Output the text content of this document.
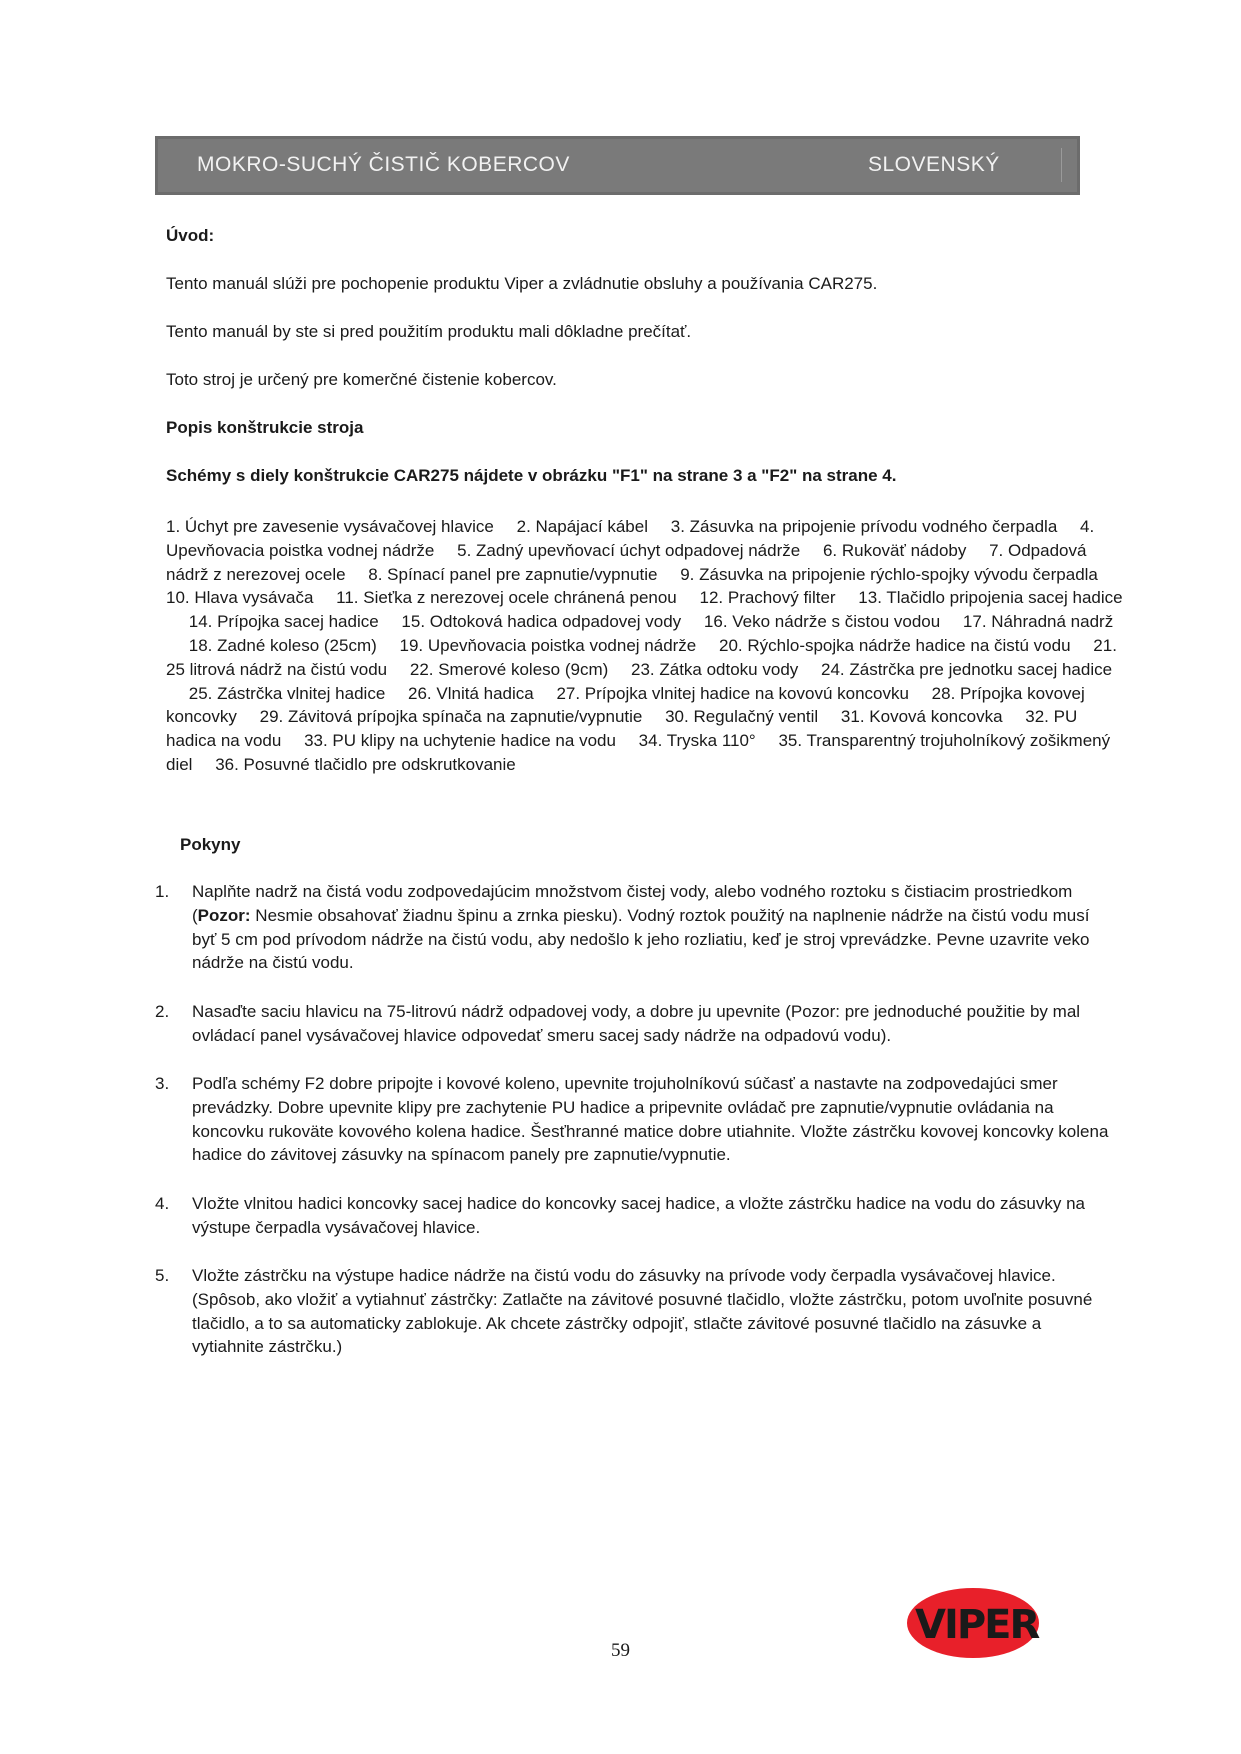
MOKRO-SUCHÝ ČISTIČ KOBERCOV	SLOVENSKÝ
Úvod:
Tento manuál slúži pre pochopenie produktu Viper a zvládnutie obsluhy a používania CAR275.
Tento manuál by ste si pred použitím produktu mali dôkladne prečítať.
Toto stroj je určený pre komerčné čistenie kobercov.
Popis konštrukcie stroja
Schémy s diely konštrukcie CAR275 nájdete v obrázku "F1" na strane 3 a "F2" na strane 4.
1. Úchyt pre zavesenie vysávačovej hlavice 2. Napájací kábel 3. Zásuvka na pripojenie prívodu vodného čerpadla 4. Upevňovacia poistka vodnej nádrže 5. Zadný upevňovací úchyt odpadovej nádrže 6. Rukoväť nádoby 7. Odpadová nádrž z nerezovej ocele 8. Spínací panel pre zapnutie/vypnutie 9. Zásuvka na pripojenie rýchlo-spojky vývodu čerpadla 10. Hlava vysávača 11. Sieťka z nerezovej ocele chránená penou 12. Prachový filter 13. Tlačidlo pripojenia sacej hadice 14. Prípojka sacej hadice 15. Odtoková hadica odpadovej vody 16. Veko nádrže s čistou vodou 17. Náhradná nadrž 18. Zadné koleso (25cm) 19. Upevňovacia poistka vodnej nádrže 20. Rýchlo-spojka nádrže hadice na čistú vodu 21. 25 litrová nádrž na čistú vodu 22. Smerové koleso (9cm) 23. Zátka odtoku vody 24. Zástrčka pre jednotku sacej hadice 25. Zástrčka vlnitej hadice 26. Vlnitá hadica 27. Prípojka vlnitej hadice na kovovú koncovku 28. Prípojka kovovej koncovky 29. Závitová prípojka spínača na zapnutie/vypnutie 30. Regulačný ventil 31. Kovová koncovka 32. PU hadica na vodu 33. PU klipy na uchytenie hadice na vodu 34. Tryska 110° 35. Transparentný trojuholníkový zošikmený diel 36. Posuvné tlačidlo pre odskrutkovanie
Pokyny
1. Naplňte nadrž na čistá vodu zodpovedajúcim množstvom čistej vody, alebo vodného roztoku s čistiacim prostriedkom (Pozor: Nesmie obsahovať žiadnu špinu a zrnka piesku). Vodný roztok použitý na naplnenie nádrže na čistú vodu musí byť 5 cm pod prívodom nádrže na čistú vodu, aby nedošlo k jeho rozliatiu, keď je stroj vprevádzke. Pevne uzavrite veko nádrže na čistú vodu.
2. Nasaďte saciu hlavicu na 75-litrovú nádrž odpadovej vody, a dobre ju upevnite (Pozor: pre jednoduché použitie by mal ovládací panel vysávačovej hlavice odpovedať smeru sacej sady nádrže na odpadovú vodu).
3. Podľa schémy F2 dobre pripojte i kovové koleno, upevnite trojuholníkovú súčasť a nastavte na zodpovedajúci smer prevádzky. Dobre upevnite klipy pre zachytenie PU hadice a pripevnite ovládač pre zapnutie/vypnutie ovládania na koncovku rukoväte kovového kolena hadice. Šesťhranné matice dobre utiahnite. Vložte zástrčku kovovej koncovky kolena hadice do závitovej zásuvky na spínacom panely pre zapnutie/vypnutie.
4. Vložte vlnitou hadici koncovky sacej hadice do koncovky sacej hadice, a vložte zástrčku hadice na vodu do zásuvky na výstupe čerpadla vysávačovej hlavice.
5. Vložte zástrčku na výstupe hadice nádrže na čistú vodu do zásuvky na prívode vody čerpadla vysávačovej hlavice. (Spôsob, ako vložiť a vytiahnuť zástrčky: Zatlačte na závitové posuvné tlačidlo, vložte zástrčku, potom uvoľnite posuvné tlačidlo, a to sa automaticky zablokuje. Ak chcete zástrčky odpojiť, stlačte závitové posuvné tlačidlo na zásuvke a vytiahnite zástrčku.)
59
VIPER
